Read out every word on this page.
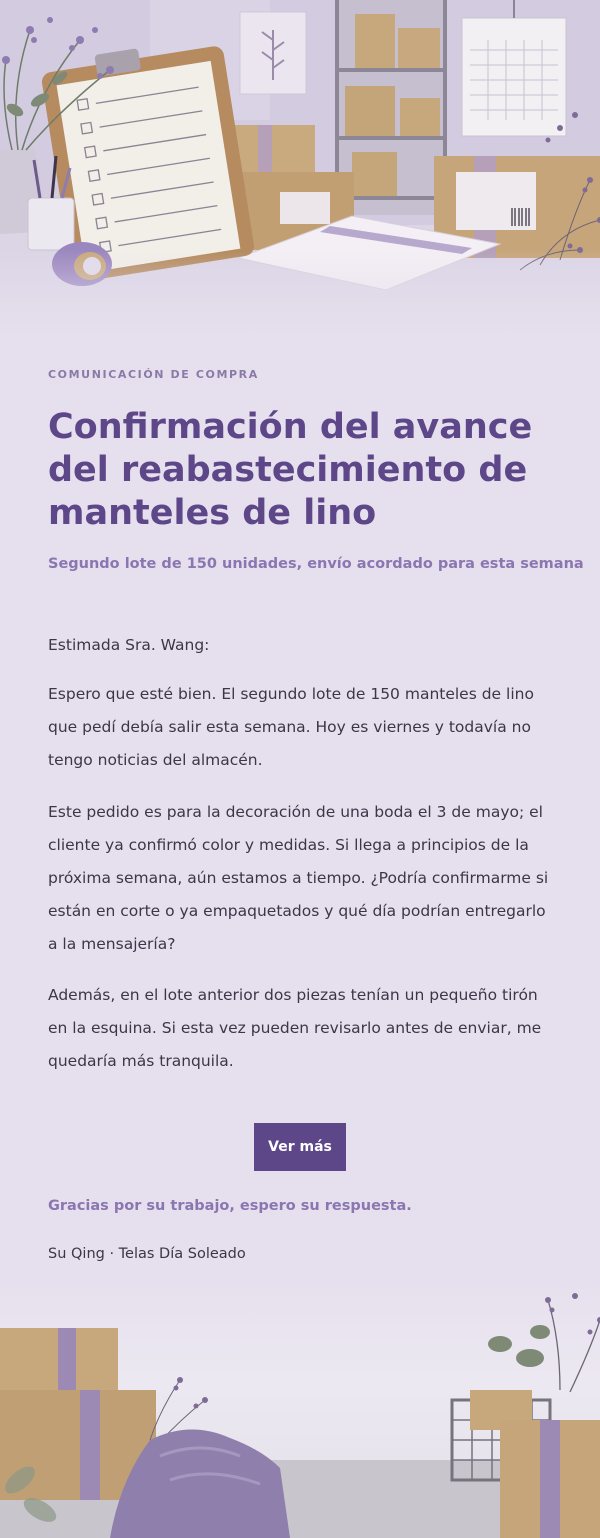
COMUNICACIÓN DE COMPRA
Confirmación del avance del reabastecimiento de manteles de lino
Segundo lote de 150 unidades, envío acordado para esta semana

Estimada Sra. Wang:

Espero que esté bien. El segundo lote de 150 manteles de lino que pedí debía salir esta semana. Hoy es viernes y todavía no tengo noticias del almacén.

Este pedido es para la decoración de una boda el 3 de mayo; el cliente ya confirmó color y medidas. Si llega a principios de la próxima semana, aún estamos a tiempo. ¿Podría confirmarme si están en corte o ya empaquetados y qué día podrían entregarlo a la mensajería?

Además, en el lote anterior dos piezas tenían un pequeño tirón en la esquina. Si esta vez pueden revisarlo antes de enviar, me quedaría más tranquila.

Ver más
Gracias por su trabajo, espero su respuesta.
Su Qing · Telas Día Soleado
